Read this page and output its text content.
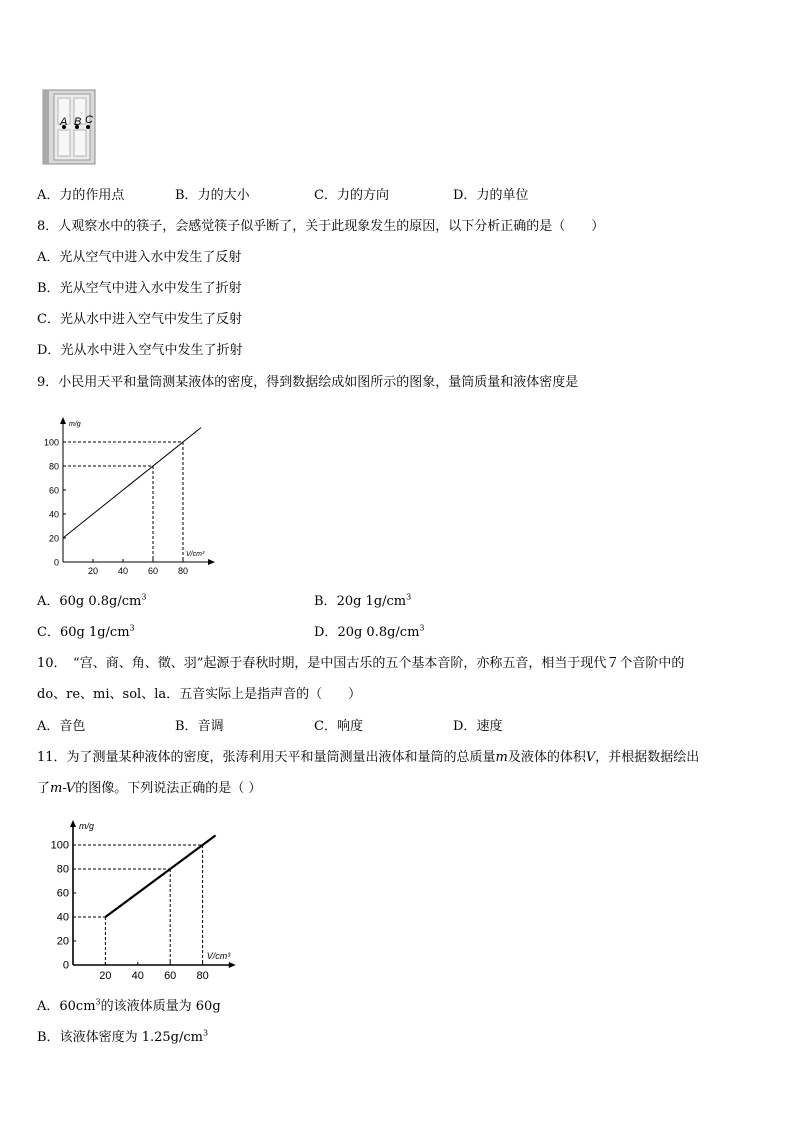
A B C
A．力的作用点	B．力的大小	C．力的方向	D．力的单位
8．人观察水中的筷子，会感觉筷子似乎断了，关于此现象发生的原因，以下分析正确的是（　　）
A．光从空气中进入水中发生了反射
B．光从空气中进入水中发生了折射
C．光从水中进入空气中发生了反射
D．光从水中进入空气中发生了折射
9．小民用天平和量筒测某液体的密度，得到数据绘成如图所示的图象，量筒质量和液体密度是
0
20
40
60
80
100
20 40 60 80
m/g
V/cm³
A．60g $0.8g/cm^3$	B．20g $1g/cm^3$
C．60g $1g/cm^3$	D．20g $0.8g/cm^3$
10．　“宫、商、角、徵、羽”起源于春秋时期，是中国古乐的五个基本音阶，亦称五音，相当于现代７个音阶中的
do、re、mi、sol、la．五音实际上是指声音的（　　）
A．音色	B．音调	C．响度	D．速度
11．为了测量某种液体的密度，张涛利用天平和量筒测量出液体和量筒的总质量m及液体的体积V，并根据数据绘出
了m-V的图像。下列说法正确的是（ ）
0
20
40
60
80
100
20 40 60 80
m/g
V/cm³
A．$60cm^3$的该液体质量为 60g
B．该液体密度为 $1.25g/cm^3$
